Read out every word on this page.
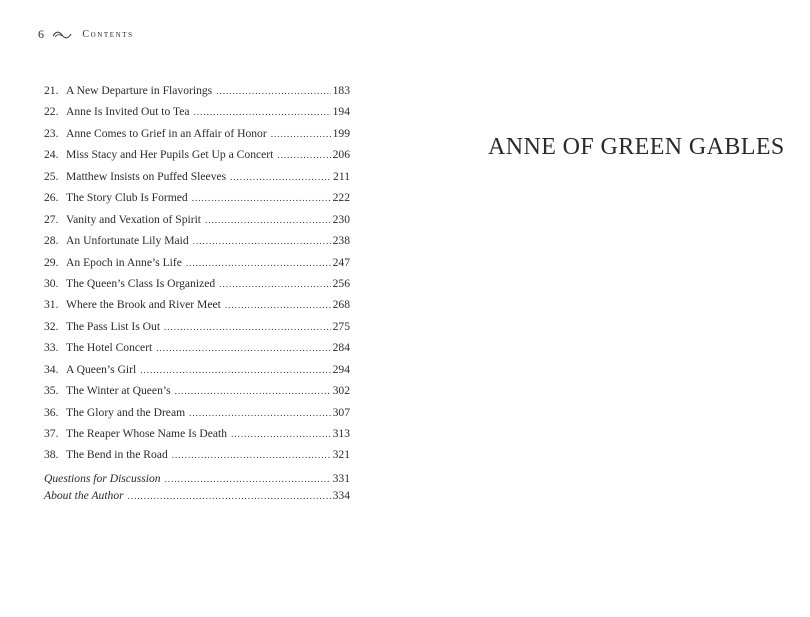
6	Contents
21. A New Departure in Flavorings .....	183
22. Anne Is Invited Out to Tea .....	194
23. Anne Comes to Grief in an Affair of Honor .....	199
24. Miss Stacy and Her Pupils Get Up a Concert .....	206
25. Matthew Insists on Puffed Sleeves .....	211
26. The Story Club Is Formed .....	222
27. Vanity and Vexation of Spirit .....	230
28. An Unfortunate Lily Maid .....	238
29. An Epoch in Anne’s Life .....	247
30. The Queen’s Class Is Organized .....	256
31. Where the Brook and River Meet .....	268
32. The Pass List Is Out .....	275
33. The Hotel Concert .....	284
34. A Queen’s Girl .....	294
35. The Winter at Queen’s .....	302
36. The Glory and the Dream .....	307
37. The Reaper Whose Name Is Death .....	313
38. The Bend in the Road .....	321
Questions for Discussion .....	331
About the Author .....	334
ANNE OF GREEN GABLES
